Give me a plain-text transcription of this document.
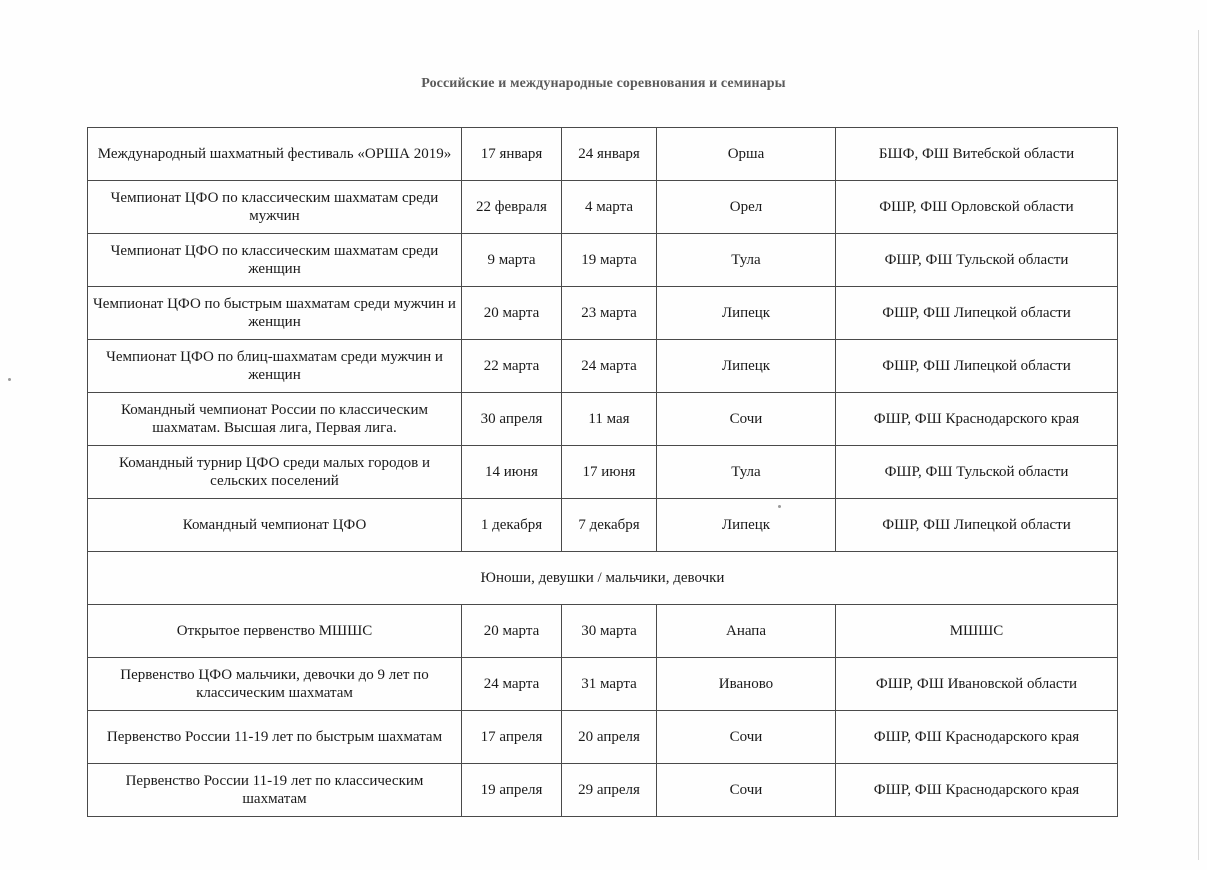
Российские и международные соревнования и семинары
Международный шахматный фестиваль «ОРША 2019»	17 января	24 января	Орша	БШФ, ФШ Витебской области
Чемпионат ЦФО по классическим шахматам среди мужчин	22 февраля	4 марта	Орел	ФШР, ФШ Орловской области
Чемпионат ЦФО по классическим шахматам среди женщин	9 марта	19 марта	Тула	ФШР, ФШ Тульской области
Чемпионат ЦФО по быстрым шахматам среди мужчин и женщин	20 марта	23 марта	Липецк	ФШР, ФШ Липецкой области
Чемпионат ЦФО по блиц-шахматам среди мужчин и женщин	22 марта	24 марта	Липецк	ФШР, ФШ Липецкой области
Командный чемпионат России по классическим шахматам. Высшая лига, Первая лига.	30 апреля	11 мая	Сочи	ФШР, ФШ Краснодарского края
Командный турнир ЦФО среди малых городов и сельских поселений	14 июня	17 июня	Тула	ФШР, ФШ Тульской области
Командный чемпионат ЦФО	1 декабря	7 декабря	Липецк	ФШР, ФШ Липецкой области
Юноши, девушки / мальчики, девочки				
Открытое первенство МШШС	20 марта	30 марта	Анапа	МШШС
Первенство ЦФО мальчики, девочки до 9 лет по классическим шахматам	24 марта	31 марта	Иваново	ФШР, ФШ Ивановской области
Первенство России 11-19 лет по быстрым шахматам	17 апреля	20 апреля	Сочи	ФШР, ФШ Краснодарского края
Первенство России 11-19 лет по классическим шахматам	19 апреля	29 апреля	Сочи	ФШР, ФШ Краснодарского края
